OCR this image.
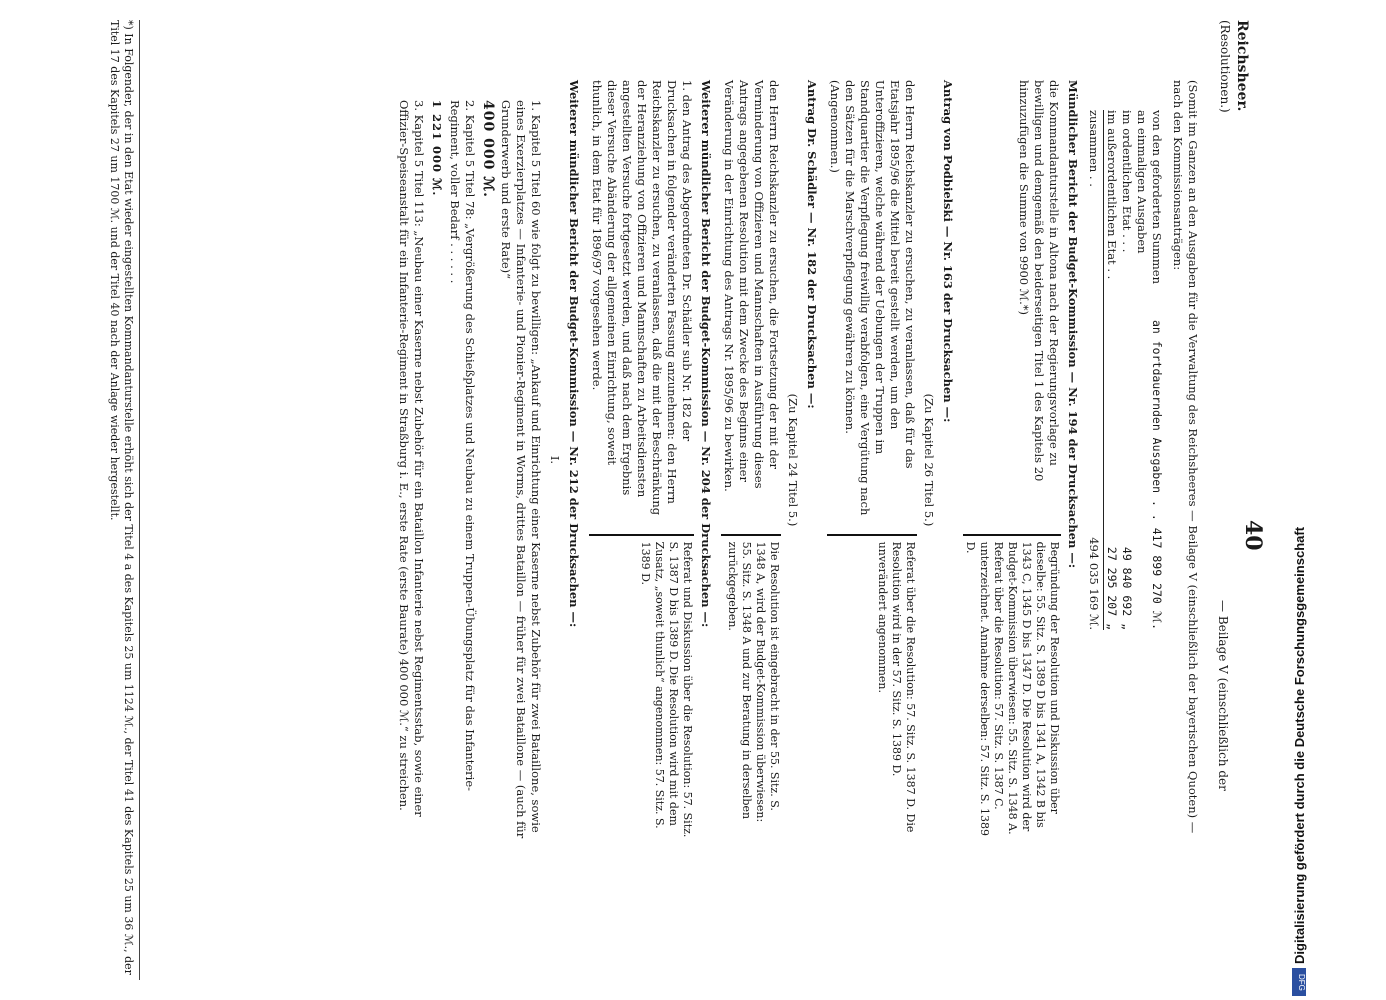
Reichsheer.
(Resolutionen.)
40
— Beilage V (einschließlich der

(Somit im Ganzen an den Ausgaben für die Verwaltung des Reichsheeres — Beilage V (einschließlich der bayerischen Quoten) — nach den Kommissionsanträgen:

von den geforderten Summen
an fortdauernden Ausgaben . . 417 899 270 ℳ.
an einmaligen Ausgaben
im ordentlichen Etat . . .
49 840 692 „
im außerordentlichen Etat . .
27 295 207 „
zusammen . .
494 035 169 ℳ.
Mündlicher Bericht der Budget-Kommission — Nr. 194 der Drucksachen —:
die Kommandanturstelle in Altona nach der Regierungsvorlage zu bewilligen und demgemäß den beiderseitigen Titel 1 des Kapitels 20 hinzuzufügen die Summe von 9900 ℳ.*)
Begründung der Resolution und Diskussion über dieselbe: 55. Sitz. S. 1389 D bis 1341 A, 1342 B bis 1343 C, 1345 D bis 1347 D. Die Resolution wird der Budget-Kommission überwiesen: 55. Sitz. S. 1348 A. Referat über die Resolution: 57. Sitz. S. 1387 C. unterzeichnet. Annahme derselben: 57. Sitz. S. 1389 D.
Antrag von Podbielski — Nr. 163 der Drucksachen —:
(Zu Kapitel 26 Titel 5.)
den Herrn Reichskanzler zu ersuchen, zu veranlassen, daß für das Etatsjahr 1895/96 die Mittel bereit gestellt werden, um den Unteroffizieren, welche während der Uebungen der Truppen im Standquartier die Verpflegung freiwillig verabfolgen, eine Vergütung nach den Sätzen für die Marschverpflegung gewähren zu können. (Angenommen.)
Referat über die Resolution: 57. Sitz. S. 1387 D. Die Resolution wird in der 57. Sitz. S. 1389 D. unverändert angenommen.
Antrag Dr. Schädler — Nr. 182 der Drucksachen —:
(Zu Kapitel 24 Titel 5.)
den Herrn Reichskanzler zu ersuchen, die Fortsetzung der mit der Verminderung von Offizieren und Mannschaften in Ausführung dieses Antrags angegebenen Resolution mit dem Zwecke des Beginns einer Veränderung in der Einrichtung des Antrags Nr. 1895/96 zu bewirken.
Die Resolution ist eingebracht in der 55. Sitz. S. 1348 A, wird der Budget-Kommission überwiesen: 55. Sitz. S. 1348 A und zur Beratung in derselben zurückgegeben.
Weiterer mündlicher Bericht der Budget-Kommission — Nr. 204 der Drucksachen —:
1. den Antrag des Abgeordneten Dr. Schädler sub Nr. 182 der Drucksachen in folgender veränderten Fassung anzunehmen: den Herrn Reichskanzler zu ersuchen, zu veranlassen, daß die mit der Beschränkung der Heranziehung von Offizieren und Mannschaften zu Arbeitsdiensten angestellten Versuche fortgesetzt werden, und daß nach dem Ergebnis dieser Versuche Abänderung der allgemeinen Einrichtung, soweit thunlich, in dem Etat für 1896/97 vorgesehen werde.
Referat und Diskussion über die Resolution: 57. Sitz. S. 1387 D bis 1389 D. Die Resolution wird mit dem Zusatz, „soweit thunlich“ angenommen: 57. Sitz. S. 1389 D.
Weiterer mündlicher Bericht der Budget-Kommission — Nr. 212 der Drucksachen —:
I.
1. Kapitel 5 Titel 60 wie folgt zu bewilligen: „Ankauf und Einrichtung einer Kaserne nebst Zubehör für zwei Bataillone, sowie eines Exerzierplatzes — Infanterie- und Pionier-Regiment in Worms, drittes Bataillon — früher für zwei Bataillone — (auch für Grunderwerb und erste Rate)“
400 000 ℳ.
2. Kapitel 5 Titel 78: „Vergrößerung des Schießplatzes und Neubau zu einem Truppen-Übungsplatz für das Infanterie-Regiment, voller Bedarf . . . . . .
1 221 000 ℳ.
3. Kapitel 5 Titel 113: „Neubau einer Kaserne nebst Zubehör für ein Bataillon Infanterie nebst Regimentsstab, sowie einer Offizier-Speiseanstalt für ein Infanterie-Regiment in Straßburg i. E., erste Rate (erste Baurate) 400 000 ℳ.“ zu streichen.
*) In Folgender, der in den Etat wieder eingestellten Kommandanturstelle erhöht sich der Titel 4 a des Kapitels 25 um 1124 ℳ., der Titel 41 des Kapitels 25 um 36 ℳ., der Titel 17 des Kapitels 27 um 1700 ℳ. und der Titel 40 nach der Anlage wieder hergestellt.
Digitalisierung gefördert durch die Deutsche Forschungsgemeinschaft
DFG
